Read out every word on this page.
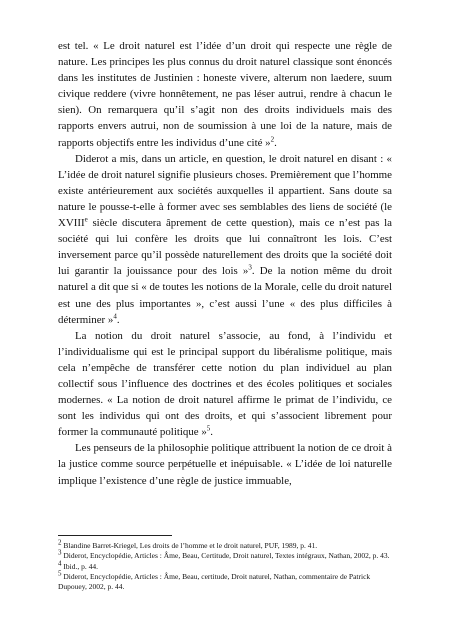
est tel. « Le droit naturel est l’idée d’un droit qui respecte une règle de nature. Les principes les plus connus du droit naturel classique sont énoncés dans les institutes de Justinien : honeste vivere, alterum non laedere, suum civique reddere (vivre honnêtement, ne pas léser autrui, rendre à chacun le sien). On remarquera qu’il s’agit non des droits individuels mais des rapports envers autrui, non de soumission à une loi de la nature, mais de rapports objectifs entre les individus d’une cité »$^2$.

Diderot a mis, dans un article, en question, le droit naturel en disant : « L’idée de droit naturel signifie plusieurs choses. Premièrement que l’homme existe antérieurement aux sociétés auxquelles il appartient. Sans doute sa nature le pousse-t-elle à former avec ses semblables des liens de société (le XVIIIe siècle discutera âprement de cette question), mais ce n’est pas la société qui lui confère les droits que lui connaîtront les lois. C’est inversement parce qu’il possède naturellement des droits que la société doit lui garantir la jouissance pour des lois »$^3$. De la notion même du droit naturel a dit que si « de toutes les notions de la Morale, celle du droit naturel est une des plus importantes », c’est aussi l’une « des plus difficiles à déterminer »$^4$.

La notion du droit naturel s’associe, au fond, à l’individu et l’individualisme qui est le principal support du libéralisme politique, mais cela n’empêche de transférer cette notion du plan individuel au plan collectif sous l’influence des doctrines et des écoles politiques et sociales modernes. « La notion de droit naturel affirme le primat de l’individu, ce sont les individus qui ont des droits, et qui s’associent librement pour former la communauté politique »$^5$.

Les penseurs de la philosophie politique attribuent la notion de ce droit à la justice comme source perpétuelle et inépuisable. « L’idée de loi naturelle implique l’existence d’une règle de justice immuable,

$^2$ Blandine Barret-Kriegel, Les droits de l’homme et le droit naturel, PUF, 1989, p. 41.

$^3$ Diderot, Encyclopédie, Articles : Âme, Beau, Certitude, Droit naturel, Textes intégraux, Nathan, 2002, p. 43.

$^4$ Ibid., p. 44.

$^5$ Diderot, Encyclopédie, Articles : Âme, Beau, certitude, Droit naturel, Nathan, commentaire de Patrick Dupouey, 2002, p. 44.
